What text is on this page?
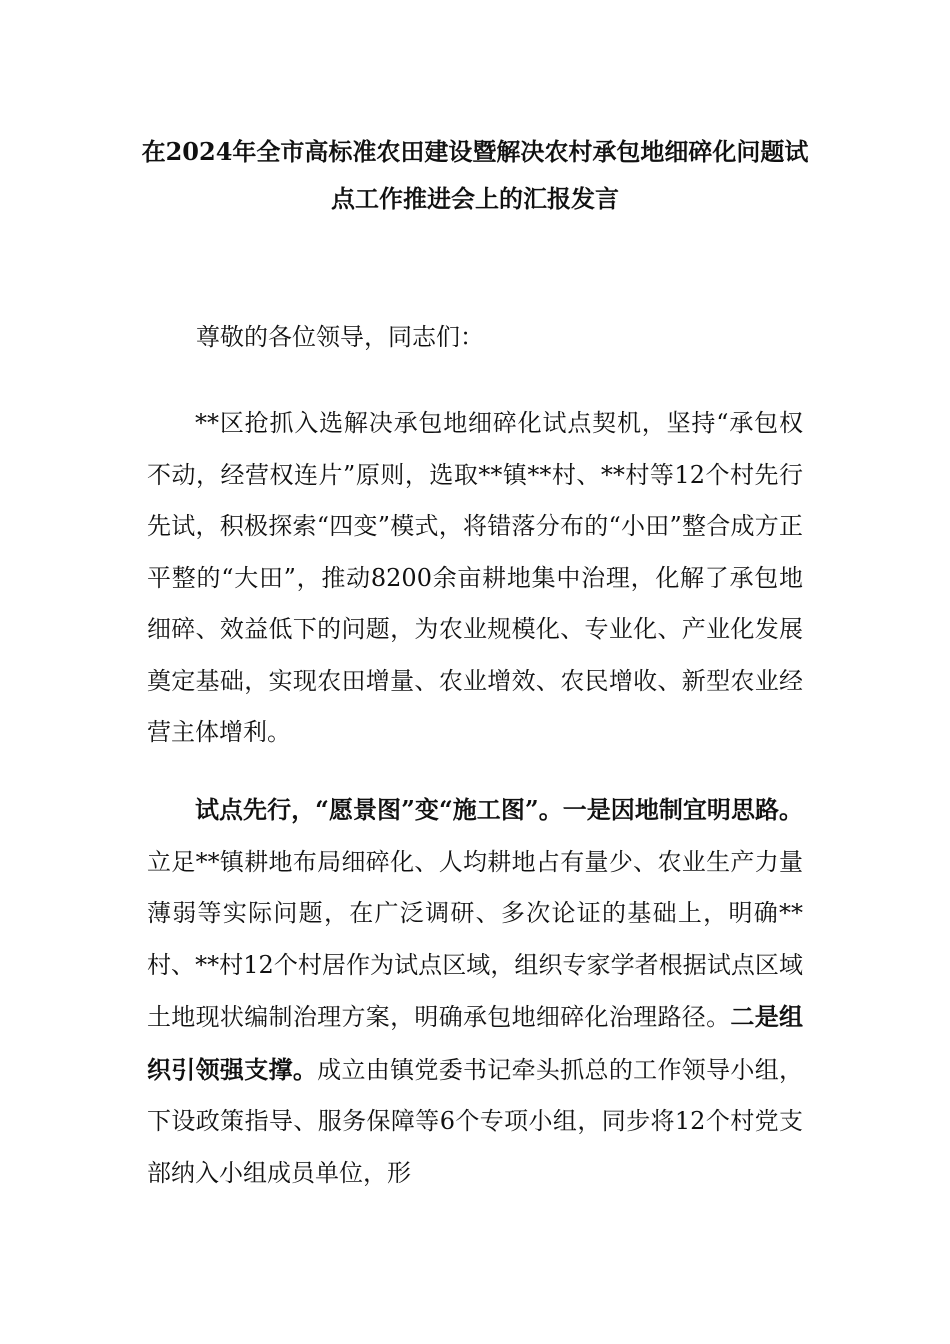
在2024年全市高标准农田建设暨解决农村承包地细碎化问题试点工作推进会上的汇报发言

尊敬的各位领导，同志们：

**区抢抓入选解决承包地细碎化试点契机，坚持“承包权不动，经营权连片”原则，选取**镇**村、**村等12个村先行先试，积极探索“四变”模式，将错落分布的“小田”整合成方正平整的“大田”，推动8200余亩耕地集中治理，化解了承包地细碎、效益低下的问题，为农业规模化、专业化、产业化发展奠定基础，实现农田增量、农业增效、农民增收、新型农业经营主体增利。

试点先行，“愿景图”变“施工图”。一是因地制宜明思路。立足**镇耕地布局细碎化、人均耕地占有量少、农业生产力量薄弱等实际问题，在广泛调研、多次论证的基础上，明确**村、**村12个村居作为试点区域，组织专家学者根据试点区域土地现状编制治理方案，明确承包地细碎化治理路径。二是组织引领强支撑。成立由镇党委书记牵头抓总的工作领导小组，下设政策指导、服务保障等6个专项小组，同步将12个村党支部纳入小组成员单位，形
